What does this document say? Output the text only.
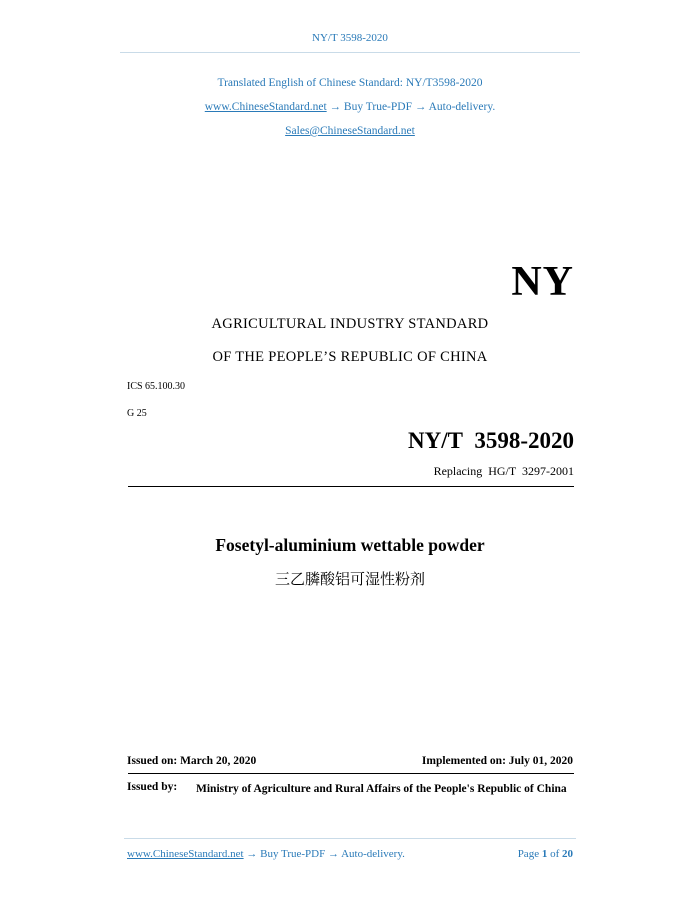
NY/T 3598-2020
Translated English of Chinese Standard: NY/T3598-2020
www.ChineseStandard.net → Buy True-PDF → Auto-delivery.
Sales@ChineseStandard.net
NY
AGRICULTURAL INDUSTRY STANDARD
OF THE PEOPLE’S REPUBLIC OF CHINA
ICS 65.100.30
G 25
NY/T 3598-2020
Replacing HG/T 3297-2001
Fosetyl-aluminium wettable powder
三乙膦酸铝可湿性粉剂
Issued on: March 20, 2020	Implemented on: July 01, 2020
Issued by: Ministry of Agriculture and Rural Affairs of the People's Republic of China
www.ChineseStandard.net → Buy True-PDF → Auto-delivery.	Page 1 of 20
